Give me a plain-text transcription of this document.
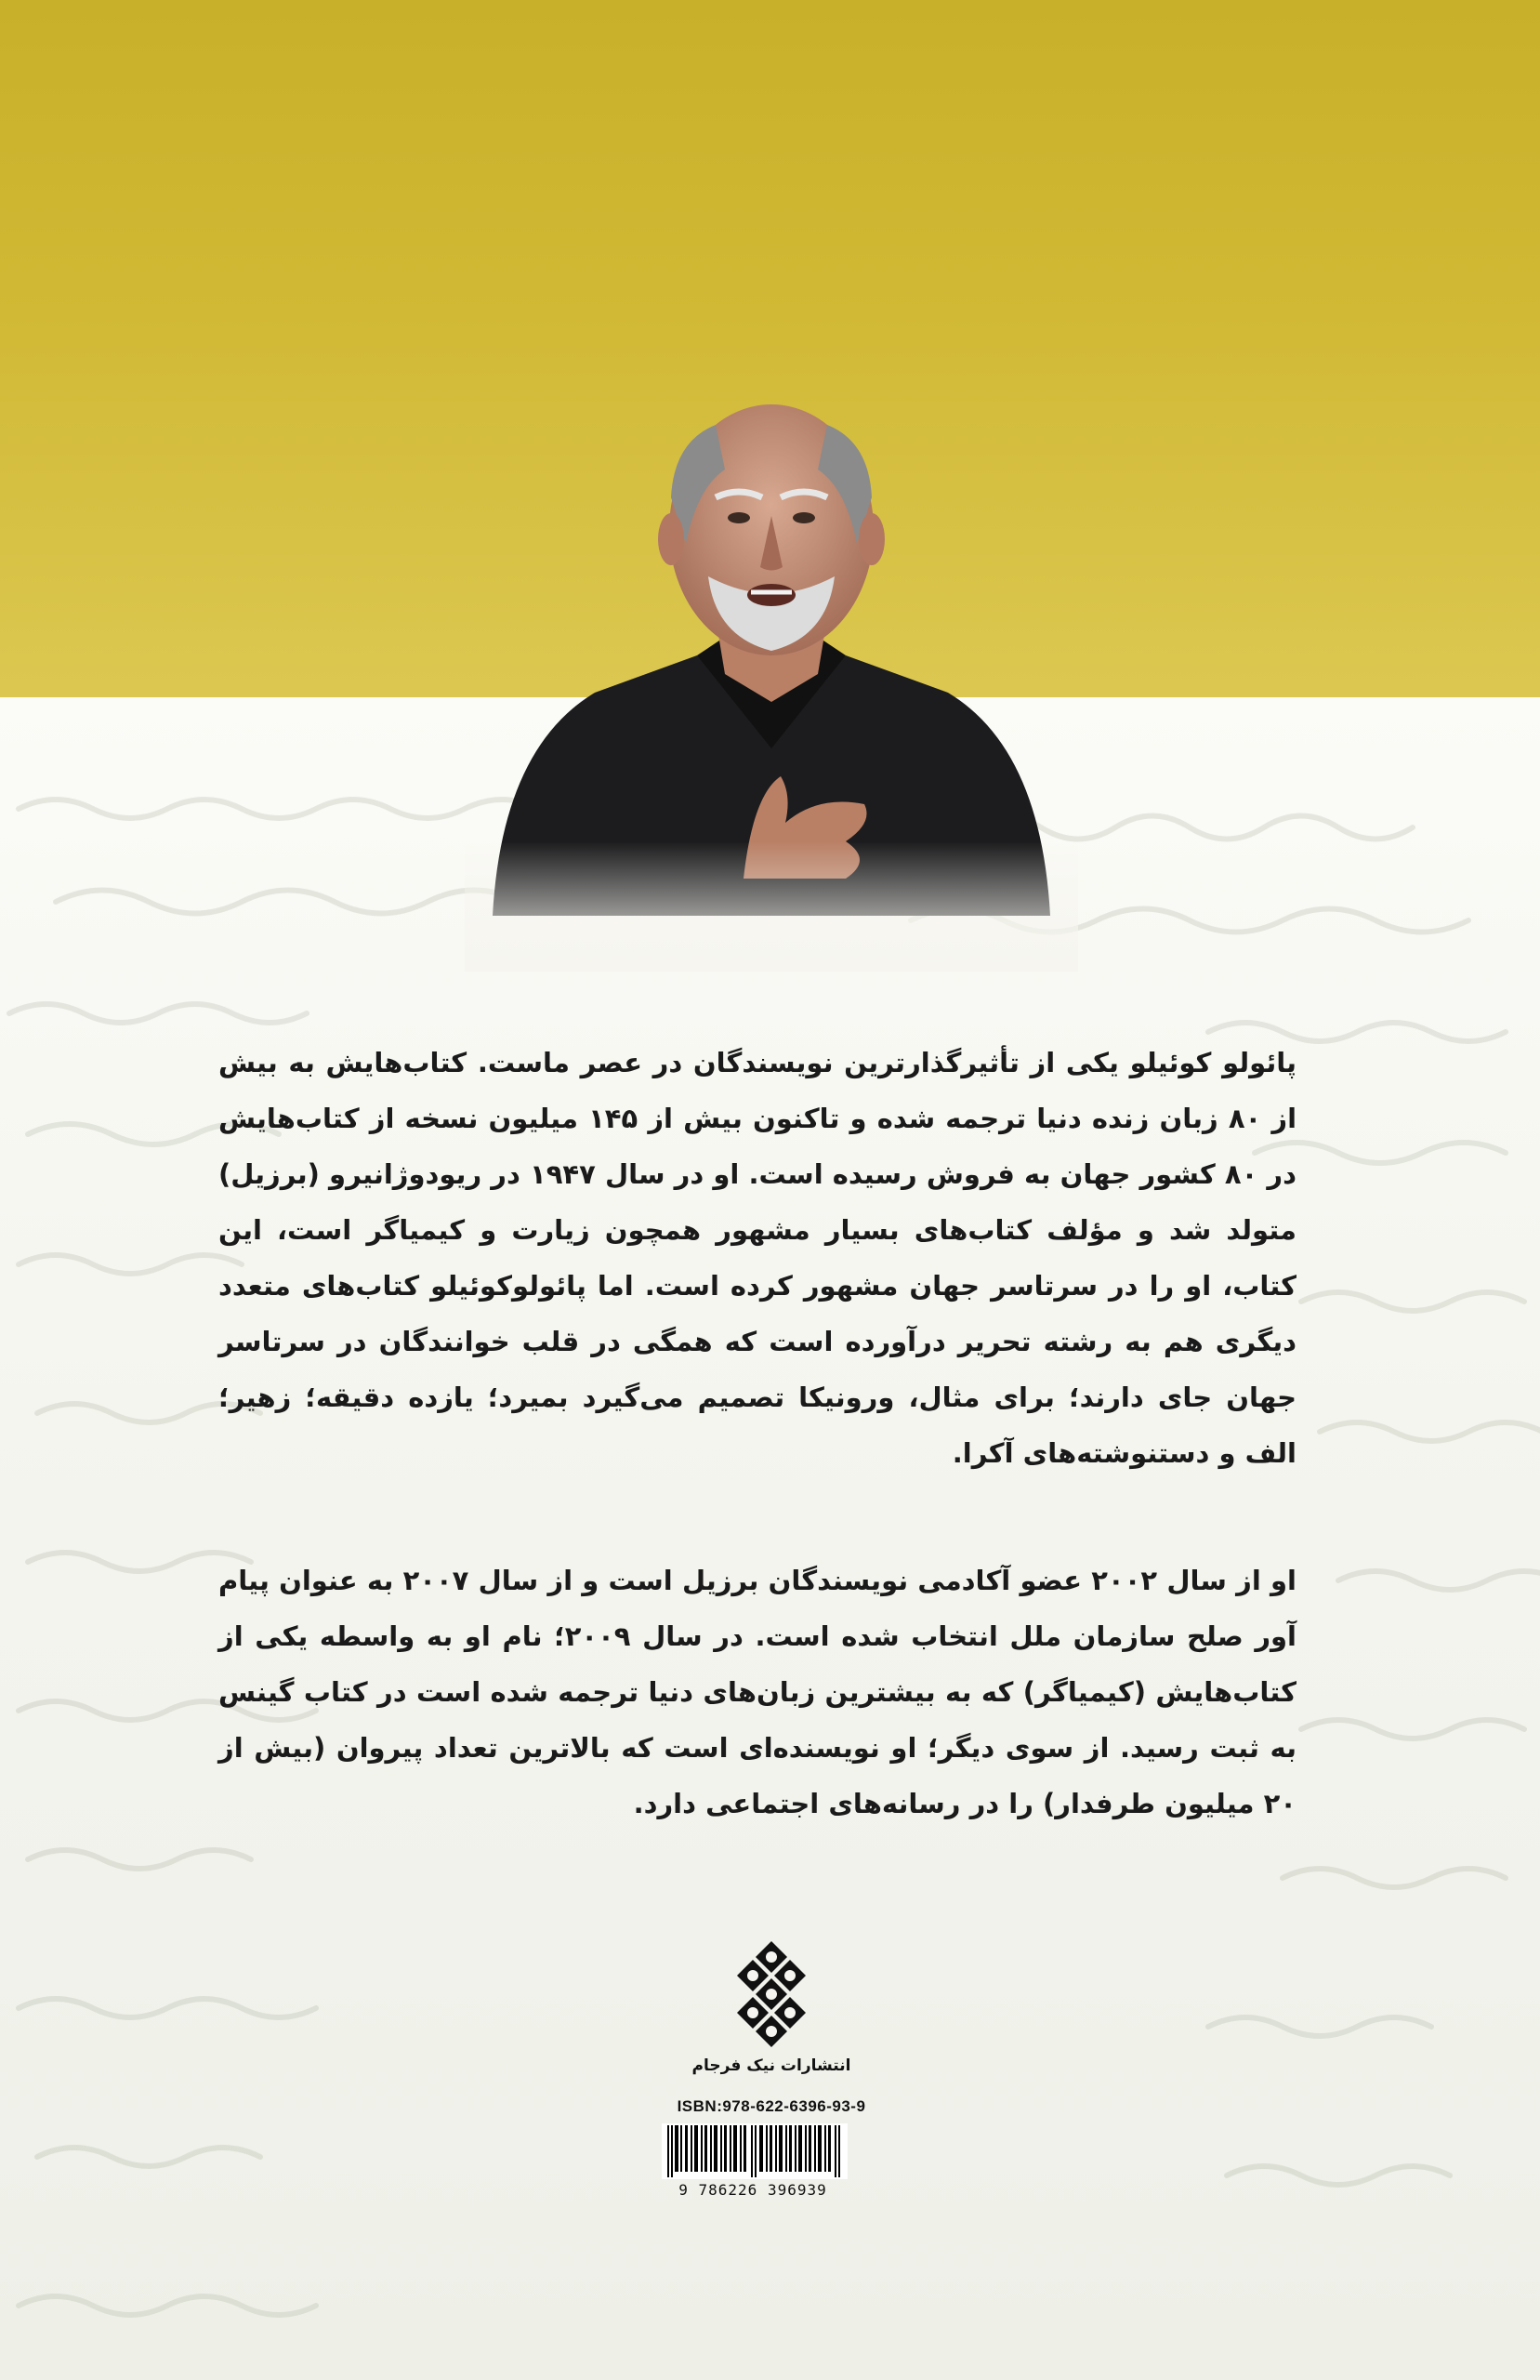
پائولو کوئیلو یکی از تأثیرگذارترین نویسندگان در عصر ماست. کتاب‌هایش به بیش از ۸۰ زبان زنده دنیا ترجمه شده و تاکنون بیش از ۱۴۵ میلیون نسخه از کتاب‌هایش در ۸۰ کشور جهان به فروش رسیده است. او در سال ۱۹۴۷ در ریودوژانیرو (برزیل) متولد شد و مؤلف کتاب‌های بسیار مشهور همچون زیارت و کیمیاگر است، این کتاب، او را در سرتاسر جهان مشهور کرده است. اما پائولوکوئیلو کتاب‌های متعدد دیگری هم به رشته تحریر درآورده است که همگی در قلب خوانندگان در سرتاسر جهان جای دارند؛ برای مثال، ورونیکا تصمیم می‌گیرد بمیرد؛ یازده دقیقه؛ زهیر؛ الف و دستنوشته‌های آکرا.

او از سال ۲۰۰۲ عضو آکادمی نویسندگان برزیل است و از سال ۲۰۰۷ به عنوان پیام آور صلح سازمان ملل انتخاب شده است. در سال ۲۰۰۹؛ نام او به واسطه یکی از کتاب‌هایش (کیمیاگر) که به بیشترین زبان‌های دنیا ترجمه شده است در کتاب گینس به ثبت رسید. از سوی دیگر؛ او نویسنده‌ای است که بالاترین تعداد پیروان (بیش از ۲۰ میلیون طرفدار) را در رسانه‌های اجتماعی دارد.

انتشارات نیک فرجام
ISBN:978-622-6396-93-9
9 786226 396939
